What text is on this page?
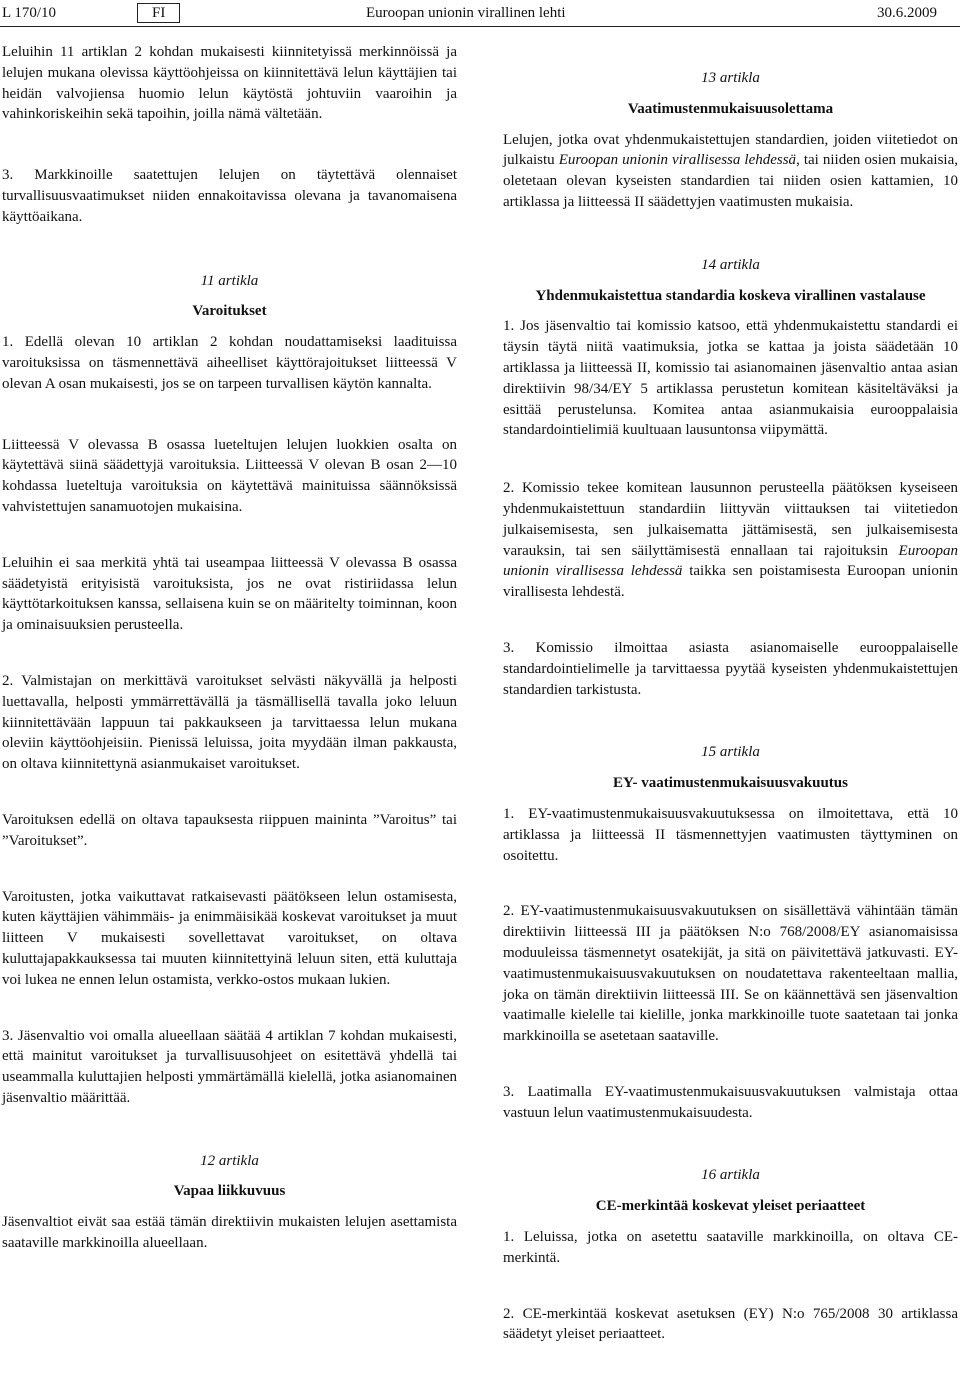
L 170/10	FI	Euroopan unionin virallinen lehti	30.6.2009

Leluihin 11 artiklan 2 kohdan mukaisesti kiinnitetyissä merkinnöissä ja lelujen mukana olevissa käyttöohjeissa on kiinnitettävä lelun käyttäjien tai heidän valvojiensa huomio lelun käytöstä johtuviin vaaroihin ja vahinkoriskeihin sekä tapoihin, joilla nämä vältetään.

3. Markkinoille saatettujen lelujen on täytettävä olennaiset turvallisuusvaatimukset niiden ennakoitavissa olevana ja tavanomaisena käyttöaikana.

11 artikla

Varoitukset

1. Edellä olevan 10 artiklan 2 kohdan noudattamiseksi laadituissa varoituksissa on täsmennettävä aiheelliset käyttörajoitukset liitteessä V olevan A osan mukaisesti, jos se on tarpeen turvallisen käytön kannalta.

Liitteessä V olevassa B osassa lueteltujen lelujen luokkien osalta on käytettävä siinä säädettyjä varoituksia. Liitteessä V olevan B osan 2—10 kohdassa lueteltuja varoituksia on käytettävä mainituissa säännöksissä vahvistettujen sanamuotojen mukaisina.

Leluihin ei saa merkitä yhtä tai useampaa liitteessä V olevassa B osassa säädetyistä erityisistä varoituksista, jos ne ovat ristiriidassa lelun käyttötarkoituksen kanssa, sellaisena kuin se on määritelty toiminnan, koon ja ominaisuuksien perusteella.

2. Valmistajan on merkittävä varoitukset selvästi näkyvällä ja helposti luettavalla, helposti ymmärrettävällä ja täsmällisellä tavalla joko leluun kiinnitettävään lappuun tai pakkaukseen ja tarvittaessa lelun mukana oleviin käyttöohjeisiin. Pienissä leluissa, joita myydään ilman pakkausta, on oltava kiinnitettynä asianmukaiset varoitukset.

Varoituksen edellä on oltava tapauksesta riippuen maininta ”Varoitus” tai ”Varoitukset”.

Varoitusten, jotka vaikuttavat ratkaisevasti päätökseen lelun ostamisesta, kuten käyttäjien vähimmäis- ja enimmäisikää koskevat varoitukset ja muut liitteen V mukaisesti sovellettavat varoitukset, on oltava kuluttajapakkauksessa tai muuten kiinnitettyinä leluun siten, että kuluttaja voi lukea ne ennen lelun ostamista, verkko-ostos mukaan lukien.

3. Jäsenvaltio voi omalla alueellaan säätää 4 artiklan 7 kohdan mukaisesti, että mainitut varoitukset ja turvallisuusohjeet on esitettävä yhdellä tai useammalla kuluttajien helposti ymmärtämällä kielellä, jotka asianomainen jäsenvaltio määrittää.

12 artikla

Vapaa liikkuvuus

Jäsenvaltiot eivät saa estää tämän direktiivin mukaisten lelujen asettamista saataville markkinoilla alueellaan.

13 artikla

Vaatimustenmukaisuusolettama

Lelujen, jotka ovat yhdenmukaistettujen standardien, joiden viitetiedot on julkaistu Euroopan unionin virallisessa lehdessä, tai niiden osien mukaisia, oletetaan olevan kyseisten standardien tai niiden osien kattamien, 10 artiklassa ja liitteessä II säädettyjen vaatimusten mukaisia.

14 artikla

Yhdenmukaistettua standardia koskeva virallinen vastalause

1. Jos jäsenvaltio tai komissio katsoo, että yhdenmukaistettu standardi ei täysin täytä niitä vaatimuksia, jotka se kattaa ja joista säädetään 10 artiklassa ja liitteessä II, komissio tai asianomainen jäsenvaltio antaa asian direktiivin 98/34/EY 5 artiklassa perustetun komitean käsiteltäväksi ja esittää perustelunsa. Komitea antaa asianmukaisia eurooppalaisia standardointielimiä kuultuaan lausuntonsa viipymättä.

2. Komissio tekee komitean lausunnon perusteella päätöksen kyseiseen yhdenmukaistettuun standardiin liittyvän viittauksen tai viitetiedon julkaisemisesta, sen julkaisematta jättämisestä, sen julkaisemisesta varauksin, tai sen säilyttämisestä ennallaan tai rajoituksin Euroopan unionin virallisessa lehdessä taikka sen poistamisesta Euroopan unionin virallisesta lehdestä.

3. Komissio ilmoittaa asiasta asianomaiselle eurooppalaiselle standardointielimelle ja tarvittaessa pyytää kyseisten yhdenmukaistettujen standardien tarkistusta.

15 artikla

EY- vaatimustenmukaisuusvakuutus

1. EY-vaatimustenmukaisuusvakuutuksessa on ilmoitettava, että 10 artiklassa ja liitteessä II täsmennettyjen vaatimusten täyttyminen on osoitettu.

2. EY-vaatimustenmukaisuusvakuutuksen on sisällettävä vähintään tämän direktiivin liitteessä III ja päätöksen N:o 768/2008/EY asianomaisissa moduuleissa täsmennetyt osatekijät, ja sitä on päivitettävä jatkuvasti. EY-vaatimustenmukaisuusvakuutuksen on noudatettava rakenteeltaan mallia, joka on tämän direktiivin liitteessä III. Se on käännettävä sen jäsenvaltion vaatimalle kielelle tai kielille, jonka markkinoille tuote saatetaan tai jonka markkinoilla se asetetaan saataville.

3. Laatimalla EY-vaatimustenmukaisuusvakuutuksen valmistaja ottaa vastuun lelun vaatimustenmukaisuudesta.

16 artikla

CE-merkintää koskevat yleiset periaatteet

1. Leluissa, jotka on asetettu saataville markkinoilla, on oltava CE-merkintä.

2. CE-merkintää koskevat asetuksen (EY) N:o 765/2008 30 artiklassa säädetyt yleiset periaatteet.
